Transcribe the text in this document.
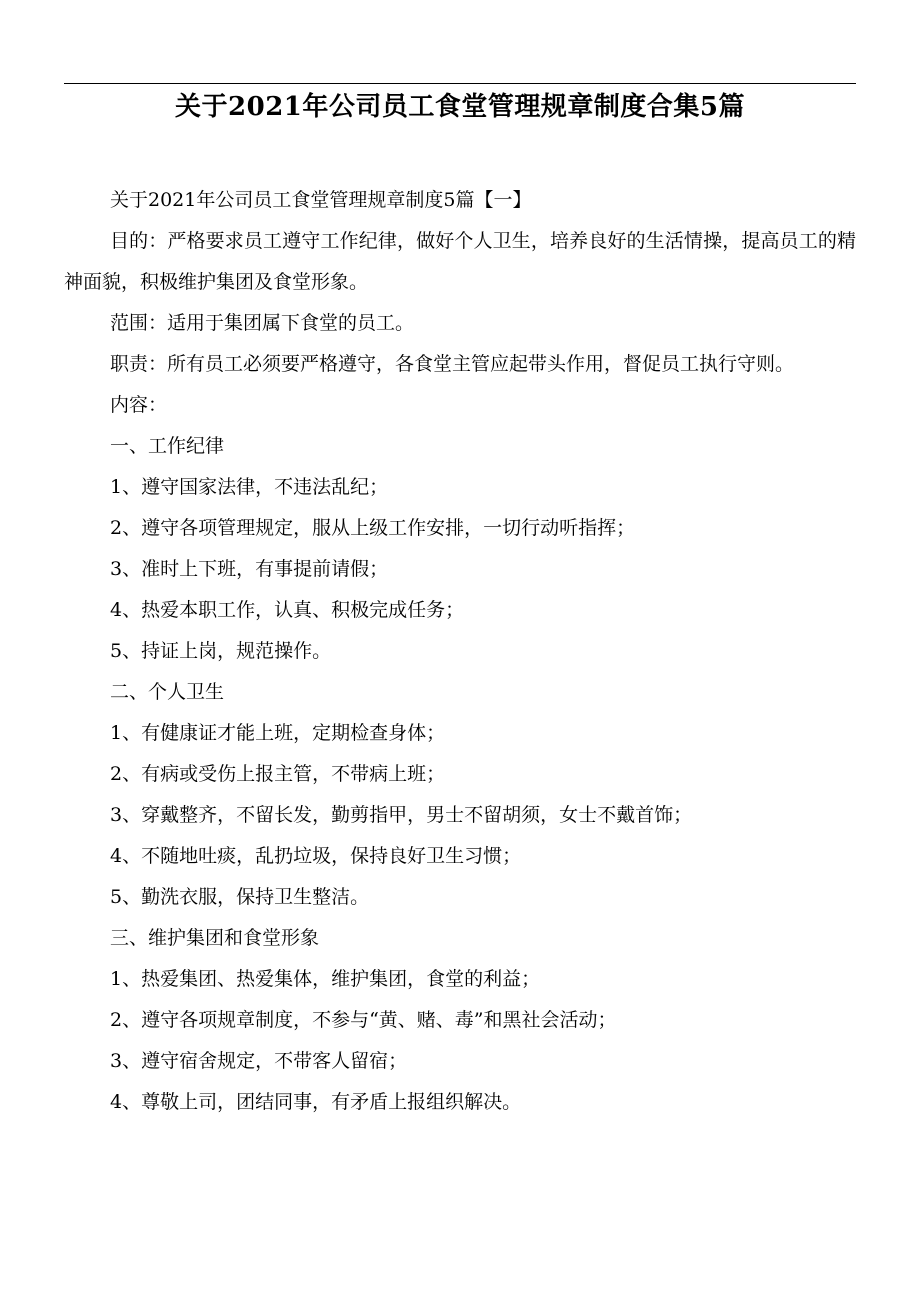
关于2021年公司员工食堂管理规章制度合集5篇

关于2021年公司员工食堂管理规章制度5篇【一】

目的：严格要求员工遵守工作纪律，做好个人卫生，培养良好的生活情操，提高员工的精神面貌，积极维护集团及食堂形象。

范围：适用于集团属下食堂的员工。

职责：所有员工必须要严格遵守，各食堂主管应起带头作用，督促员工执行守则。

内容：

一、工作纪律

1、遵守国家法律，不违法乱纪；

2、遵守各项管理规定，服从上级工作安排，一切行动听指挥；

3、准时上下班，有事提前请假；

4、热爱本职工作，认真、积极完成任务；

5、持证上岗，规范操作。

二、个人卫生

1、有健康证才能上班，定期检查身体；

2、有病或受伤上报主管，不带病上班；

3、穿戴整齐，不留长发，勤剪指甲，男士不留胡须，女士不戴首饰；

4、不随地吐痰，乱扔垃圾，保持良好卫生习惯；

5、勤洗衣服，保持卫生整洁。

三、维护集团和食堂形象

1、热爱集团、热爱集体，维护集团，食堂的利益；

2、遵守各项规章制度，不参与“黄、赌、毒”和黑社会活动；

3、遵守宿舍规定，不带客人留宿；

4、尊敬上司，团结同事，有矛盾上报组织解决。
